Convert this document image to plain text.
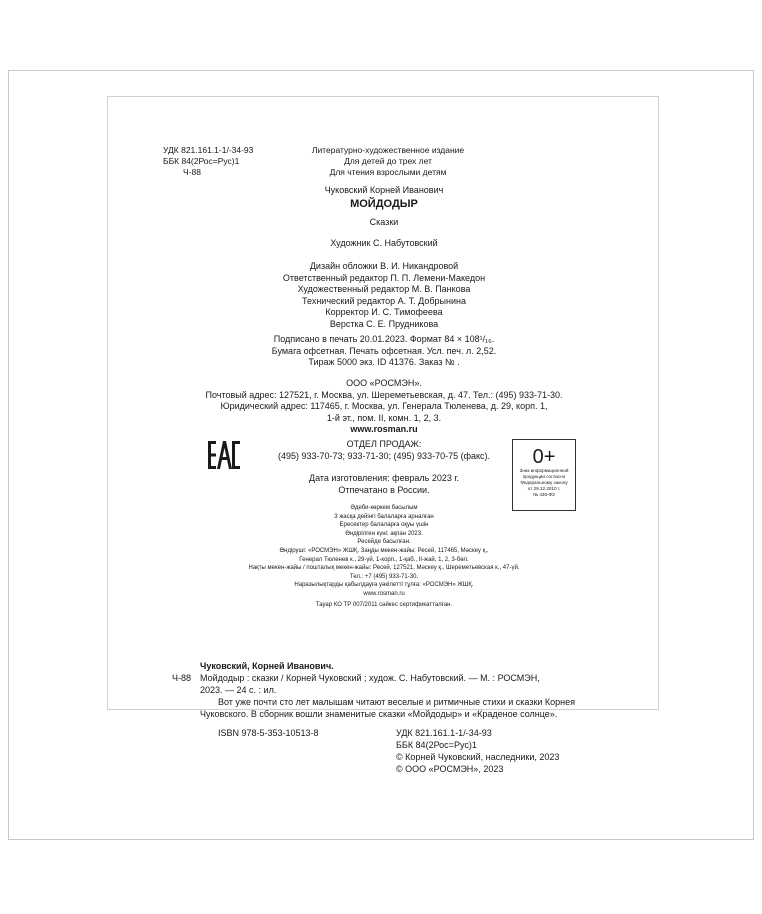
УДК 821.161.1-1/-34-93
ББК 84(2Рос=Рус)1
Ч-88
Литературно-художественное издание
Для детей до трех лет
Для чтения взрослыми детям
Чуковский Корней Иванович
МОЙДОДЫР
Сказки
Художник С. Набутовский
Дизайн обложки В. И. Никандровой
Ответственный редактор П. П. Лемени-Македон
Художественный редактор М. В. Панкова
Технический редактор А. Т. Добрынина
Корректор И. С. Тимофеева
Верстка С. Е. Прудникова
Подписано в печать 20.01.2023. Формат 84 × 108¹/₁₆.
Бумага офсетная. Печать офсетная. Усл. печ. л. 2,52.
Тираж 5000 экз. ID 41376. Заказ № .
ООО «РОСМЭН».
Почтовый адрес: 127521, г. Москва, ул. Шереметьевская, д. 47. Тел.: (495) 933-71-30.
Юридический адрес: 117465, г. Москва, ул. Генерала Тюленева, д. 29, корп. 1,
1-й эт., пом. II, комн. 1, 2, 3.
www.rosman.ru
ОТДЕЛ ПРОДАЖ:
(495) 933-70-73; 933-71-30; (495) 933-70-75 (факс).
Дата изготовления: февраль 2023 г.
Отпечатано в России.
0+
Знак информационной
продукции согласно
Федеральному закону
от 29.12.2010 г.
№ 436-ФЗ
Әдеби-көркем басылым
3 жасқа дейінгі балаларға арналған
Ересектер балаларға оқуы үшін
Өндірілген күні: ақпан 2023.
Ресейде басылған.
Өндіруші: «РОСМЭН» ЖШҚ. Заңды мекен-жайы: Ресей, 117465, Мәскеу қ.,
Генерал Тюленев к., 29-үй, 1-корп., 1-қаб., ІІ-жай, 1, 2, 3-бөл.
Нақты мекен-жайы / пошталық мекен-жайы: Ресей, 127521, Мәскеу қ., Шереметьевская к., 47-үй.
Тел.: +7 (495) 933-71-30.
Наразылықтарды қабылдауға уәкілетті тұлға: «РОСМЭН» ЖШҚ.
www.rosman.ru
Тауар КО ТР 007/2011 сәйкес сертификатталған.
Чуковский, Корней Иванович.
Ч-88 Мойдодыр : сказки / Корней Чуковский ; худож. С. Набутовский. — М. : РОСМЭН,
2023. — 24 с. : ил.
Вот уже почти сто лет малышам читают веселые и ритмичные стихи и сказки Корнея
Чуковского. В сборник вошли знаменитые сказки «Мойдодыр» и «Краденое солнце».
ISBN 978-5-353-10513-8	УДК 821.161.1-1/-34-93
ББК 84(2Рос=Рус)1
© Корней Чуковский, наследники, 2023
© ООО «РОСМЭН», 2023
